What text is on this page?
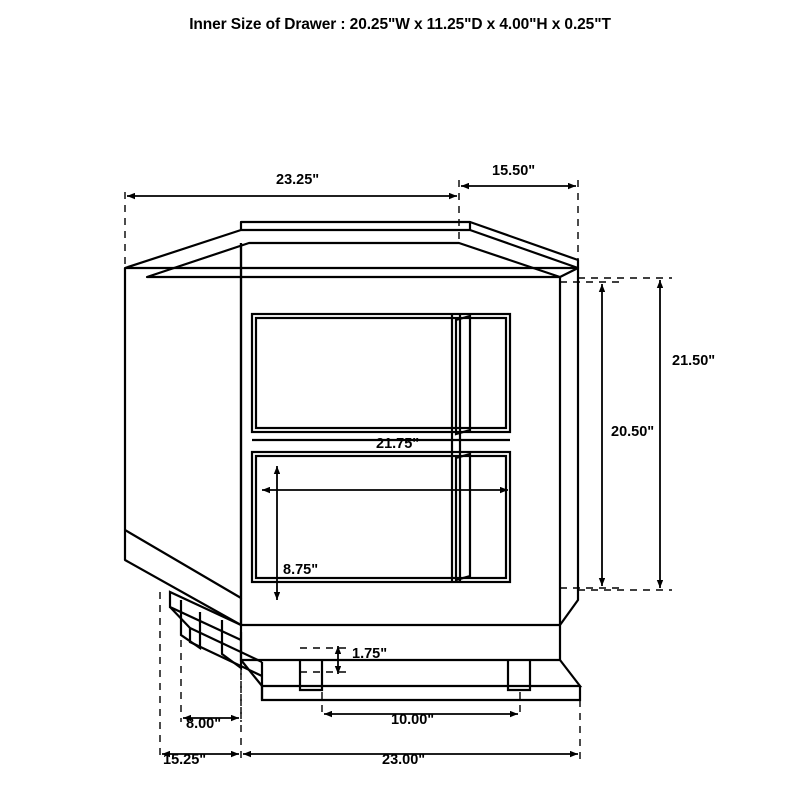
Inner Size of Drawer : 20.25"W x 11.25"D x 4.00"H x 0.25"T
23.25"
15.50"
21.50"
20.50"
21.75"
8.75"
1.75"
8.00"	10.00"
15.25"	23.00"
